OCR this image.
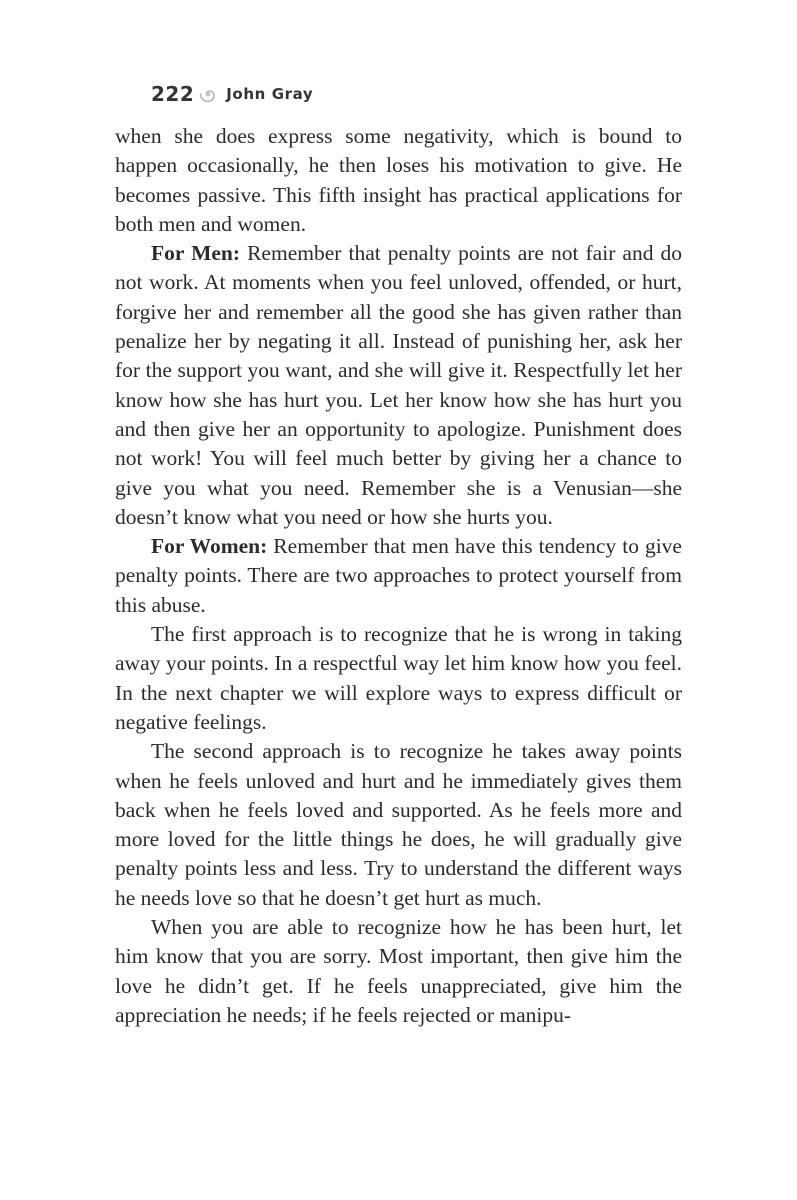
222 John Gray

when she does express some negativity, which is bound to happen occasionally, he then loses his motivation to give. He becomes passive. This fifth insight has practical applications for both men and women.

For Men: Remember that penalty points are not fair and do not work. At moments when you feel unloved, offended, or hurt, forgive her and remember all the good she has given rather than penalize her by negating it all. Instead of punishing her, ask her for the support you want, and she will give it. Respectfully let her know how she has hurt you. Let her know how she has hurt you and then give her an opportunity to apologize. Punishment does not work! You will feel much better by giving her a chance to give you what you need. Remember she is a Venusian—she doesn’t know what you need or how she hurts you.

For Women: Remember that men have this tendency to give penalty points. There are two approaches to protect yourself from this abuse.

The first approach is to recognize that he is wrong in taking away your points. In a respectful way let him know how you feel. In the next chapter we will explore ways to express difficult or negative feelings.

The second approach is to recognize he takes away points when he feels unloved and hurt and he immediately gives them back when he feels loved and supported. As he feels more and more loved for the little things he does, he will gradually give penalty points less and less. Try to understand the different ways he needs love so that he doesn’t get hurt as much.

When you are able to recognize how he has been hurt, let him know that you are sorry. Most important, then give him the love he didn’t get. If he feels unappreciated, give him the appreciation he needs; if he feels rejected or manipu-
